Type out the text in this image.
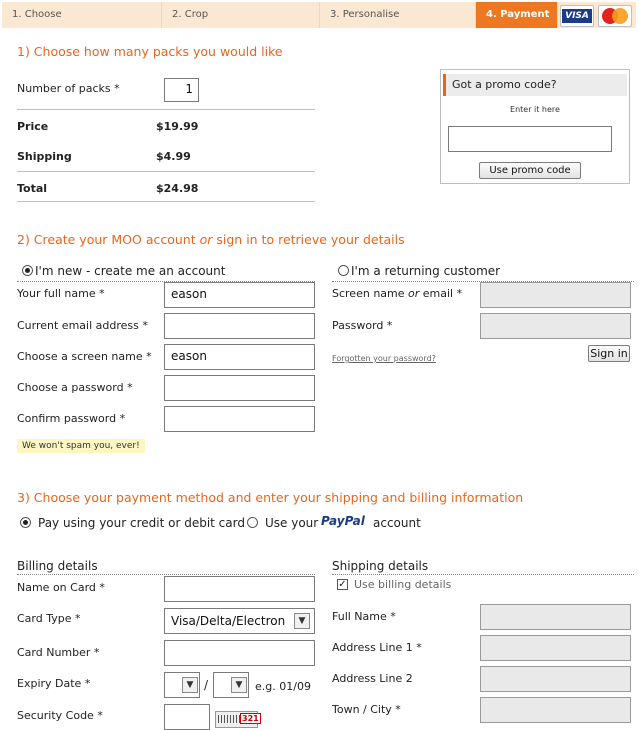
1. Choose	2. Crop	3. Personalise	4. Payment	VISA
1) Choose how many packs you would like
Number of packs *	1
Price	$19.99
Shipping	$4.99
Total	$24.98
Got a promo code?
Enter it here
Use promo code
2) Create your MOO account or sign in to retrieve your details
I'm new - create me an account	I'm a returning customer
Your full name *	eason
Current email address *
Choose a screen name *	eason
Choose a password *
Confirm password *
We won't spam you, ever!
Screen name or email *
Password *
Forgotten your password?	Sign in
3) Choose your payment method and enter your shipping and billing information
Pay using your credit or debit card Use your PayPal account
Billing details
Name on Card *
Card Type *	Visa/Delta/Electron	▼
Card Number *
Expiry Date *	▼ /	▼	e.g. 01/09
Security Code *	321
Shipping details
✓ Use billing details
Full Name *
Address Line 1 *
Address Line 2
Town / City *
